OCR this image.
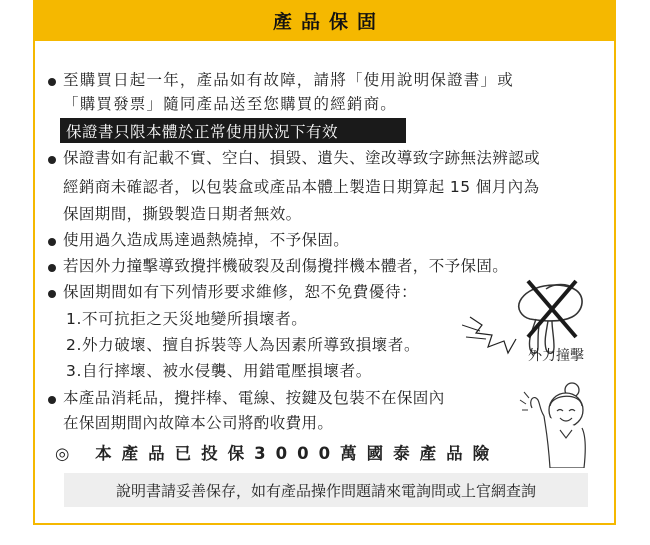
產品保固
至購買日起一年，產品如有故障，請將「使用說明保證書」或
「購買發票」隨同產品送至您購買的經銷商。
保證書只限本體於正常使用狀況下有效
保證書如有記載不實、空白、損毀、遺失、塗改導致字跡無法辨認或
經銷商未確認者，以包裝盒或產品本體上製造日期算起 15 個月內為
保固期間，撕毀製造日期者無效。
使用過久造成馬達過熱燒掉，不予保固。
若因外力撞擊導致攪拌機破裂及刮傷攪拌機本體者，不予保固。
保固期間如有下列情形要求維修，恕不免費優待：
1.不可抗拒之天災地變所損壞者。
2.外力破壞、擅自拆裝等人為因素所導致損壞者。
3.自行摔壞、被水侵襲、用錯電壓損壞者。
本產品消耗品，攪拌棒、電線、按鍵及包裝不在保固內
在保固期間內故障本公司將酌收費用。
外力撞擊
◎ 本產品已投保3000萬國泰產品險
說明書請妥善保存，如有產品操作問題請來電詢問或上官網查詢
